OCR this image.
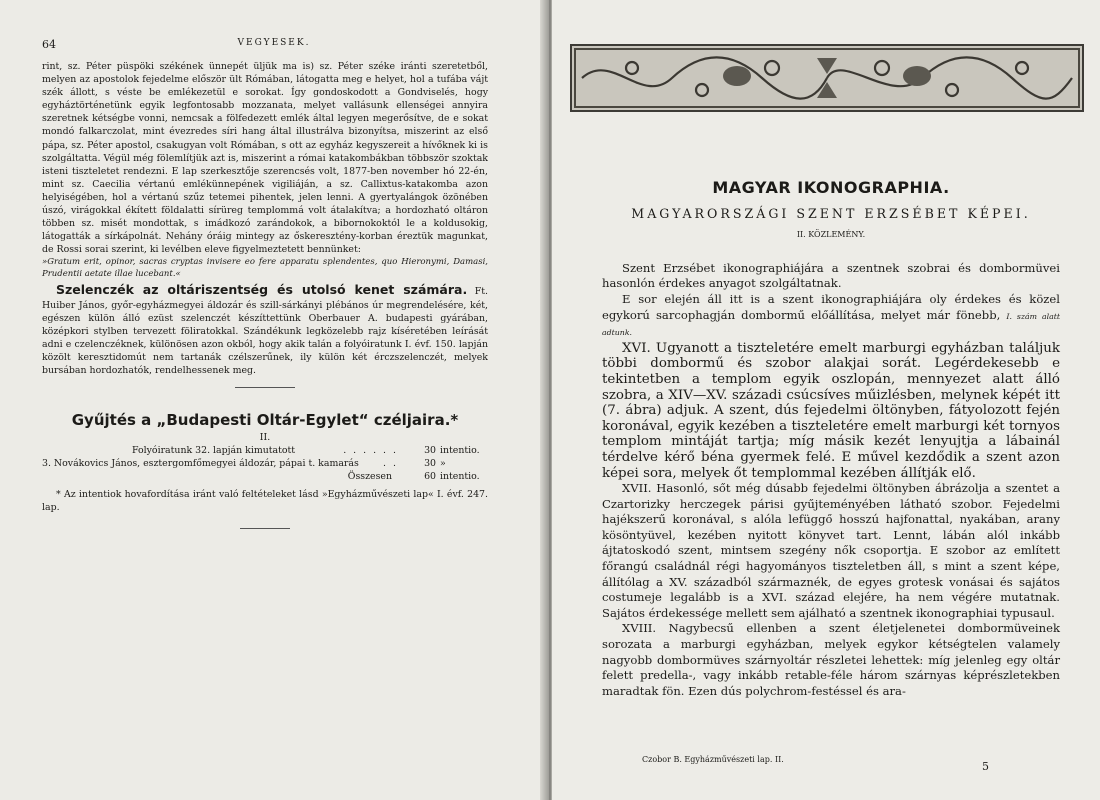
64	VEGYESEK.

rint, sz. Péter püspöki székének ünnepét üljük ma is) sz. Péter széke iránti szeretetből, melyen az apostolok fejedelme először ült Rómában, látogatta meg e helyet, hol a tufába vájt szék állott, s véste be emlékezetül e sorokat. Így gondoskodott a Gondviselés, hogy egyháztörténetünk egyik legfontosabb mozzanata, melyet vallásunk ellenségei annyira szeretnek kétségbe vonni, nemcsak a fölfedezett emlék által legyen megerősítve, de e sokat mondó falkarczolat, mint évezredes síri hang által illustrálva bizonyítsa, miszerint az első pápa, sz. Péter apostol, csakugyan volt Rómában, s ott az egyház kegyszereit a hívőknek ki is szolgáltatta. Végül még fölemlítjük azt is, miszerint a római katakombákban többször szoktak isteni tiszteletet rendezni. E lap szerkesztője szerencsés volt, 1877-ben november hó 22-én, mint sz. Caecilia vértanú emlékünnepének vigiliáján, a sz. Callixtus-katakomba azon helyiségében, hol a vértanú szűz tetemei pihentek, jelen lenni. A gyertyalángok özönében úszó, virágokkal ékített földalatti sírüreg templommá volt átalakítva; a hordozható oltáron többen sz. misét mondottak, s imádkozó zarándokok, a bibornokoktól le a koldusokig, látogatták a sírkápolnát. Nehány óráig mintegy az őskeresztény-korban éreztük magunkat, de Rossi sorai szerint, ki levélben eleve figyelmeztetett bennünket:

»Gratum erit, opinor, sacras cryptas invisere eo fere apparatu splendentes, quo Hieronymi, Damasi, Prudentii aetate illae lucebant.«

Szelenczék az oltáriszentség és utolsó kenet számára. Ft. Huiber János, győr-egyházmegyei áldozár és szill-sárkányi plébános úr megrendelésére, két, egészen külön álló ezüst szelenczét készíttettünk Oberbauer A. budapesti gyárában, középkori stylben tervezett föliratokkal. Szándékunk legközelebb rajz kíséretében leírását adni e czelenczéknek, különösen azon okból, hogy akik talán a folyóiratunk I. évf. 150. lapján közölt keresztidomút nem tartanák czélszerűnek, ily külön két érczszelenczét, melyek bursában hordozhatók, rendelhessenek meg.

Gyűjtés a „Budapesti Oltár-Egylet“ czéljaira.*
II.
Folyóiratunk 32. lapján kimutatott	. . . . . .	30 intentio.
3. Novákovics János, esztergomfőmegyei áldozár, pápai t. kamarás	. .	30 »
Összesen	60 intentio.

* Az intentiok hovafordítása iránt való feltételeket lásd »Egyházművészeti lap« I. évf. 247. lap.

MAGYAR IKONOGRAPHIA.
MAGYARORSZÁGI SZENT ERZSÉBET KÉPEI.
II. KÖZLEMÉNY.

Szent Erzsébet ikonographiájára a szentnek szobrai és dombormüvei hasonlón érdekes anyagot szolgáltatnak.

E sor elején áll itt is a szent ikonographiájára oly érdekes és közel egykorú sarcophagján dombormű előállítása, melyet már fönebb, I. szám alatt adtunk.

XVI. Ugyanott a tiszteletére emelt marburgi egyházban találjuk többi dombormű és szobor alakjai sorát. Legérdekesebb e tekintetben a templom egyik oszlopán, mennyezet alatt álló szobra, a XIV—XV. századi csúcsíves műizlésben, melynek képét itt (7. ábra) adjuk. A szent, dús fejedelmi öltönyben, fátyolozott fején koronával, egyik kezében a tiszteletére emelt marburgi két tornyos templom mintáját tartja; míg másik kezét lenyujtja a lábainál térdelve kérő béna gyermek felé. E művel kezdődik a szent azon képei sora, melyek őt templommal kezében állítják elő.

XVII. Hasonló, sőt még dúsabb fejedelmi öltönyben ábrázolja a szentet a Czartorizky herczegek párisi gyűjteményében látható szobor. Fejedelmi hajékszerű koronával, s alóla lefüggő hosszú hajfonattal, nyakában, arany kösöntyüvel, kezében nyitott könyvet tart. Lennt, lábán alól inkább ájtatoskodó szent, mintsem szegény nők csoportja. E szobor az említett főrangú családnál régi hagyományos tiszteletben áll, s mint a szent képe, állítólag a XV. századból származnék, de egyes grotesk vonásai és sajátos costumeje legalább is a XVI. század elejére, ha nem végére mutatnak. Sajátos érdekessége mellett sem ajálható a szentnek ikonographiai typusaul.

XVIII. Nagybecsű ellenben a szent életjelenetei dombormüveinek sorozata a marburgi egyházban, melyek egykor kétségtelen valamely nagyobb dombormüves szárnyoltár részletei lehettek: míg jelenleg egy oltár felett predella-, vagy inkább retable-féle három szárnyas képrészletekben maradtak fön. Ezen dús polychrom-festéssel és ara-

Czobor B. Egyházművészeti lap. II.
5
